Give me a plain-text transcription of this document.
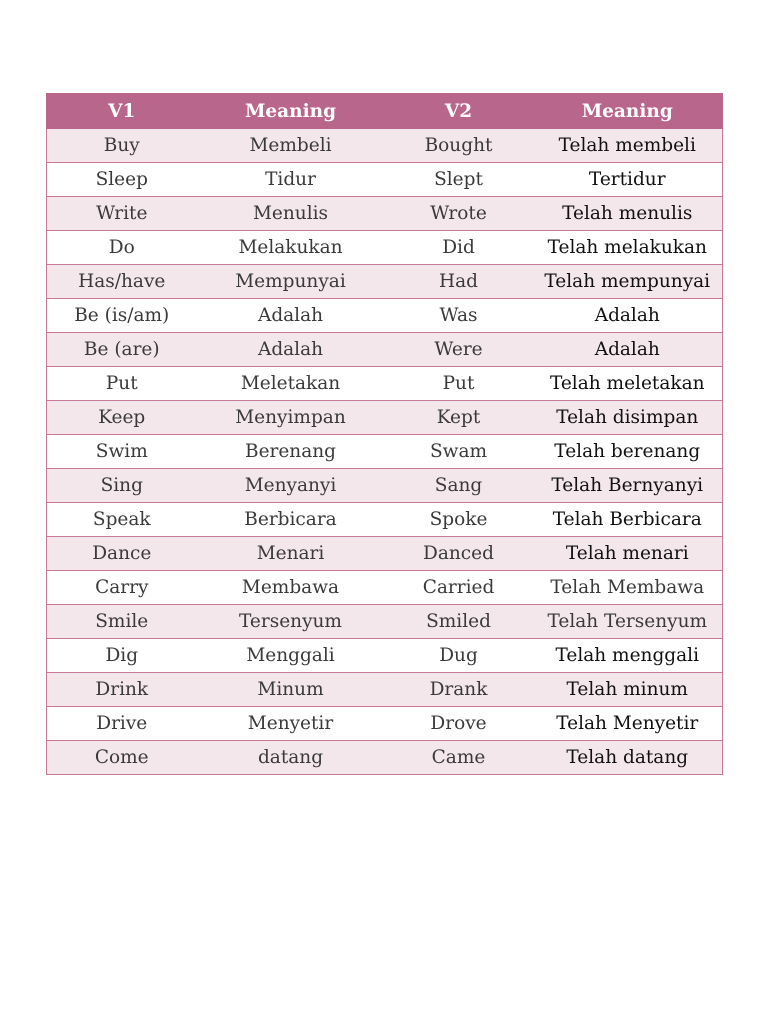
V1	Meaning	V2	Meaning
Buy	Membeli	Bought	Telah membeli
Sleep	Tidur	Slept	Tertidur
Write	Menulis	Wrote	Telah menulis
Do	Melakukan	Did	Telah melakukan
Has/have	Mempunyai	Had	Telah mempunyai
Be (is/am)	Adalah	Was	Adalah
Be (are)	Adalah	Were	Adalah
Put	Meletakan	Put	Telah meletakan
Keep	Menyimpan	Kept	Telah disimpan
Swim	Berenang	Swam	Telah berenang
Sing	Menyanyi	Sang	Telah Bernyanyi
Speak	Berbicara	Spoke	Telah Berbicara
Dance	Menari	Danced	Telah menari
Carry	Membawa	Carried	Telah Membawa
Smile	Tersenyum	Smiled	Telah Tersenyum
Dig	Menggali	Dug	Telah menggali
Drink	Minum	Drank	Telah minum
Drive	Menyetir	Drove	Telah Menyetir
Come	datang	Came	Telah datang
